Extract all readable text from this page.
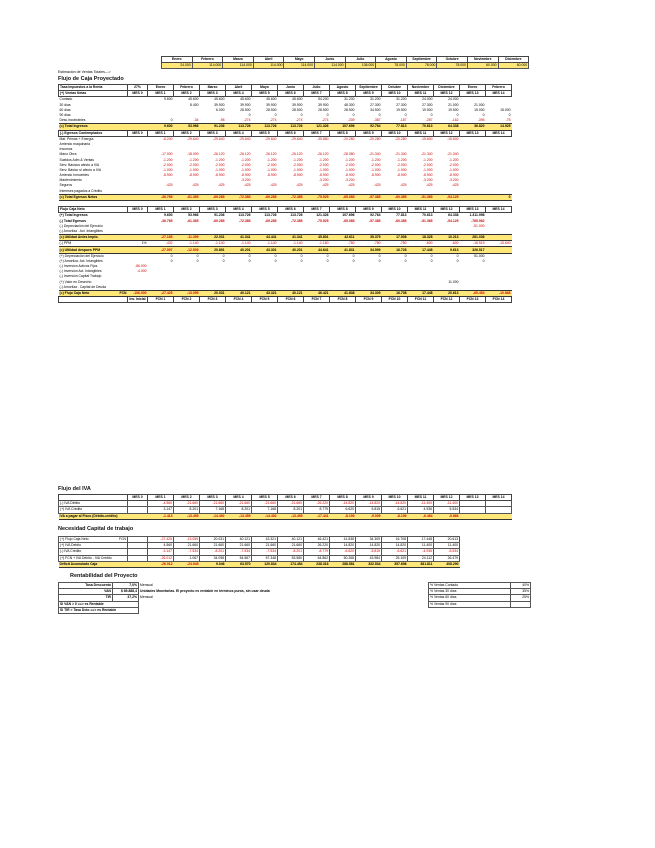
Estimación de Ventas Totales--->
Enero	Febrero	Marzo	Abril	Mayo	Junio	Julio	Agosto	Septiembre	Octubre	Noviembre	Diciembre
24.000	114.000	114.000	114.000	114.000	114.000	136.000	78.000	78.000	78.000	60.000	60.000
Flujo de Caja Proyectado
Tasa Impuestos a la Renta	27%	Enero	Febrero	Marzo	Abril	Mayo	Junio	Julio	Agosto	Septiembre	Octubre	Noviembre	Diciembre	Enero	Febrero
(+) Ventas Netas	MES 0	MES 1	MES 2	MES 3	MES 4	MES 5	MES 6	MES 7	MES 8	MES 9	MES 10	MES 11	MES 12	MES 13	MES 14
Contado		9.600	45.600	45.600	45.600	45.600	45.600	54.200	31.200	31.200	31.200	24.000	24.000		
30 días			8.400	39.900	39.900	39.900	39.900	39.900	48.300	27.300	27.300	27.300	21.000	21.000	
60 días				6.000	28.500	28.500	28.500	28.500	28.500	34.500	19.500	19.500	19.500	15.000	15.000
90 días					0	0	0	0	0	0	0	0	0	0	0
Desc.incobrables		0	-34	-98	-274	-274	-274	-274	-339	-387	-187	-287	-162	-395	-75
(=) Total Ingresos		9.600	53.966	91.236	113.726	113.726	113.726	121.326	107.696	92.764	77.813	70.613	64.338	36.820	14.925
(-) Egresos Contemplados	MES 0	MES 1	MES 2	MES 3	MES 4	MES 5	MES 6	MES 7	MES 8	MES 9	MES 10	MES 11	MES 12	MES 13	MES 14
Mat. Primas + Energía		-6.240	-29.640	-29.640	-29.640	-29.640	-29.640	-35.880	-20.280	-20.280	-20.280	-15.600	-15.600		
Arriendo maquinaria															
Insumos															
Mano Obra		-17.000	-18.000	-26.120	-26.120	-26.120	-26.120	-26.120	-28.080	-21.340	-21.340	-21.340	-21.340		
Sueldos Adm & Ventas		-1.200	-1.200	-1.200	-1.200	-1.200	-1.200	-1.200	-1.200	-1.200	-1.200	-1.200	-1.200		
Serv. Básicos afecto a IVA		-2.000	-2.000	-2.000	-2.000	-2.000	-2.000	-2.000	-2.000	-2.000	-2.000	-2.000	-2.000		
Serv. Básico s/ afecto a IVA		-1.000	-1.000	-1.000	-1.000	-1.000	-1.000	-1.000	-1.000	-1.000	-1.000	-1.000	-1.000		
Arriendo Inmuebles		-8.900	-8.900	-8.900	-8.900	-8.900	-8.900	-8.900	-8.900	-8.900	-8.900	-8.900	-8.900		
Mantenimiento					-3.200			-3.200	-3.200			-3.200	-3.200		
Seguros		-425	-425	-425	-425	-425	-425	-425	-425	-425	-425	-425	-425		
Intereses pagados a Crédito															
(=) Total Egresos Netos		-36.765	-61.365	-69.285	-72.385	-69.285	-72.385	-75.525	-65.085	-57.385	-60.385	-51.365	-54.125		0

Flujo Caja Neto	MES 0	MES 1	MES 2	MES 3	MES 4	MES 5	MES 6	MES 7	MES 8	MES 9	MES 10	MES 11	MES 12	MES 13	MES 14
(+) Total Ingresos		9.600	53.966	91.236	113.726	113.726	113.726	121.326	107.696	92.764	77.813	70.613	64.338	1.311.998	
(-) Total Egresos		-36.765	-61.365	-69.285	-72.385	-69.285	-72.385	-75.525	-65.085	-57.385	-60.385	-51.365	-54.125	-769.962	
(-) Depreciación del Ejercicio														-51.000	
(-) Amortiza . Act. Intangibles															
(=) Utilidad Antes Impto.		-27.165	-11.399	22.031	41.341	44.441	41.341	45.801	42.611	35.379	17.508	18.328	10.213	281.036	
(-) PPM	1%	-432	-1.140	-1.140	-1.140	-1.140	-1.140	-1.160	-780	-780	-780	-600	-600	-16.519	-15.640
(=) Utilidad despues PPM		-27.597	-12.539	20.891	40.201	43.301	40.201	44.641	41.831	34.599	16.728	17.448	9.613	326.517	
(+) Depreciación del Ejercicio		0	0	0	0	0	0	0	0	0	0	0	0	51.000	
(+) Amortiza. Act. Intangibles		0	0	0	0	0	0	0	0	0	0	0	0	0	
(-) Inversion Activos Fijos	-86.000														
(-) Inversion Act. Intangibles	-4.000														
(-) Inversion Capital Trabajo															
(+) Valor en Desecho													11.000		
(-) Amortiza . Capital de Deuda															
(=) Flujo Caja Neto FCN	-106.000	-27.425	-13.059	20.031	40.121	43.321	40.121	46.421	41.838	34.309	16.708	17.448	20.613	-65.454	-10.868
	Inv. Inicial	FCN 1	FCN 2	FCN 3	FCN 4	FCN 5	FCN 6	FCN 7	FCN 8	FCN 9	FCN 10	FCN 11	FCN 12	FCN 13	FCN 14
Flujo del IVA
	MES 0	MES 1	MES 2	MES 3	MES 4	MES 5	MES 6	MES 7	MES 8	MES 9	MES 10	MES 11	MES 12	MES 13	MES 14
(-) IVA Débito		-4.560	-21.660	-21.660	-21.660	-21.660	-21.660	-26.220	-14.820	-14.820	-14.820	-11.400	-11.400		
(+) IVA Crédito		3.147	8.201	7.168	8.201	7.168	8.201	8.779	6.620	5.815	6.621	4.936	5.534		
IVA a pagar al Fisco (Débito-crédito)		-1.413	-13.459	-14.492	-13.459	-14.492	-13.459	-17.441	-8.199	-9.005	-8.199	-6.464	-5.866		
Necesidad Capital de trabajo
(+) Flujo Caja Neto FCN		-27.425	-13.059	20.031	40.121	43.321	40.121	46.421	41.838	34.309	16.708	17.448	20.613
(+) IVA Debito		4.560	21.660	21.660	21.660	21.660	21.660	26.220	14.820	14.820	14.820	11.400	11.400
(-) IVA Crédito		-3.147	-7.534	-8.201	-7.534	-7.534	-8.201	-8.779	-6.620	-5.815	-6.621	-4.936	-5.534
(+) FCN + IVA Débito - IVA Crédito		-26.012	1.067	34.098	54.567	57.348	53.580	64.862	50.268	43.984	25.109	24.112	26.479
Déficit Acumulado Caja		-26.012	-24.945	9.046	63.570	120.834	174.454	238.316	288.581	332.534	357.698	381.811	408.290
Rentabilidad del Proyecto
Tasa Descuento	7,0%	Mensual
VAN	$ 89.888,4	Unidades Monetarias. El proyecto es rentable en términos puros, sin usar deuda
TIR	37,2%	Mensual
Si VAN > 0 ==> es Rentable		
Si TIR > Tasa Dcto ==> es Rentable		
% Ventas Contado	40%
% Ventas 30 días	35%
% Ventas 60 días	25%
% Ventas 90 días	
